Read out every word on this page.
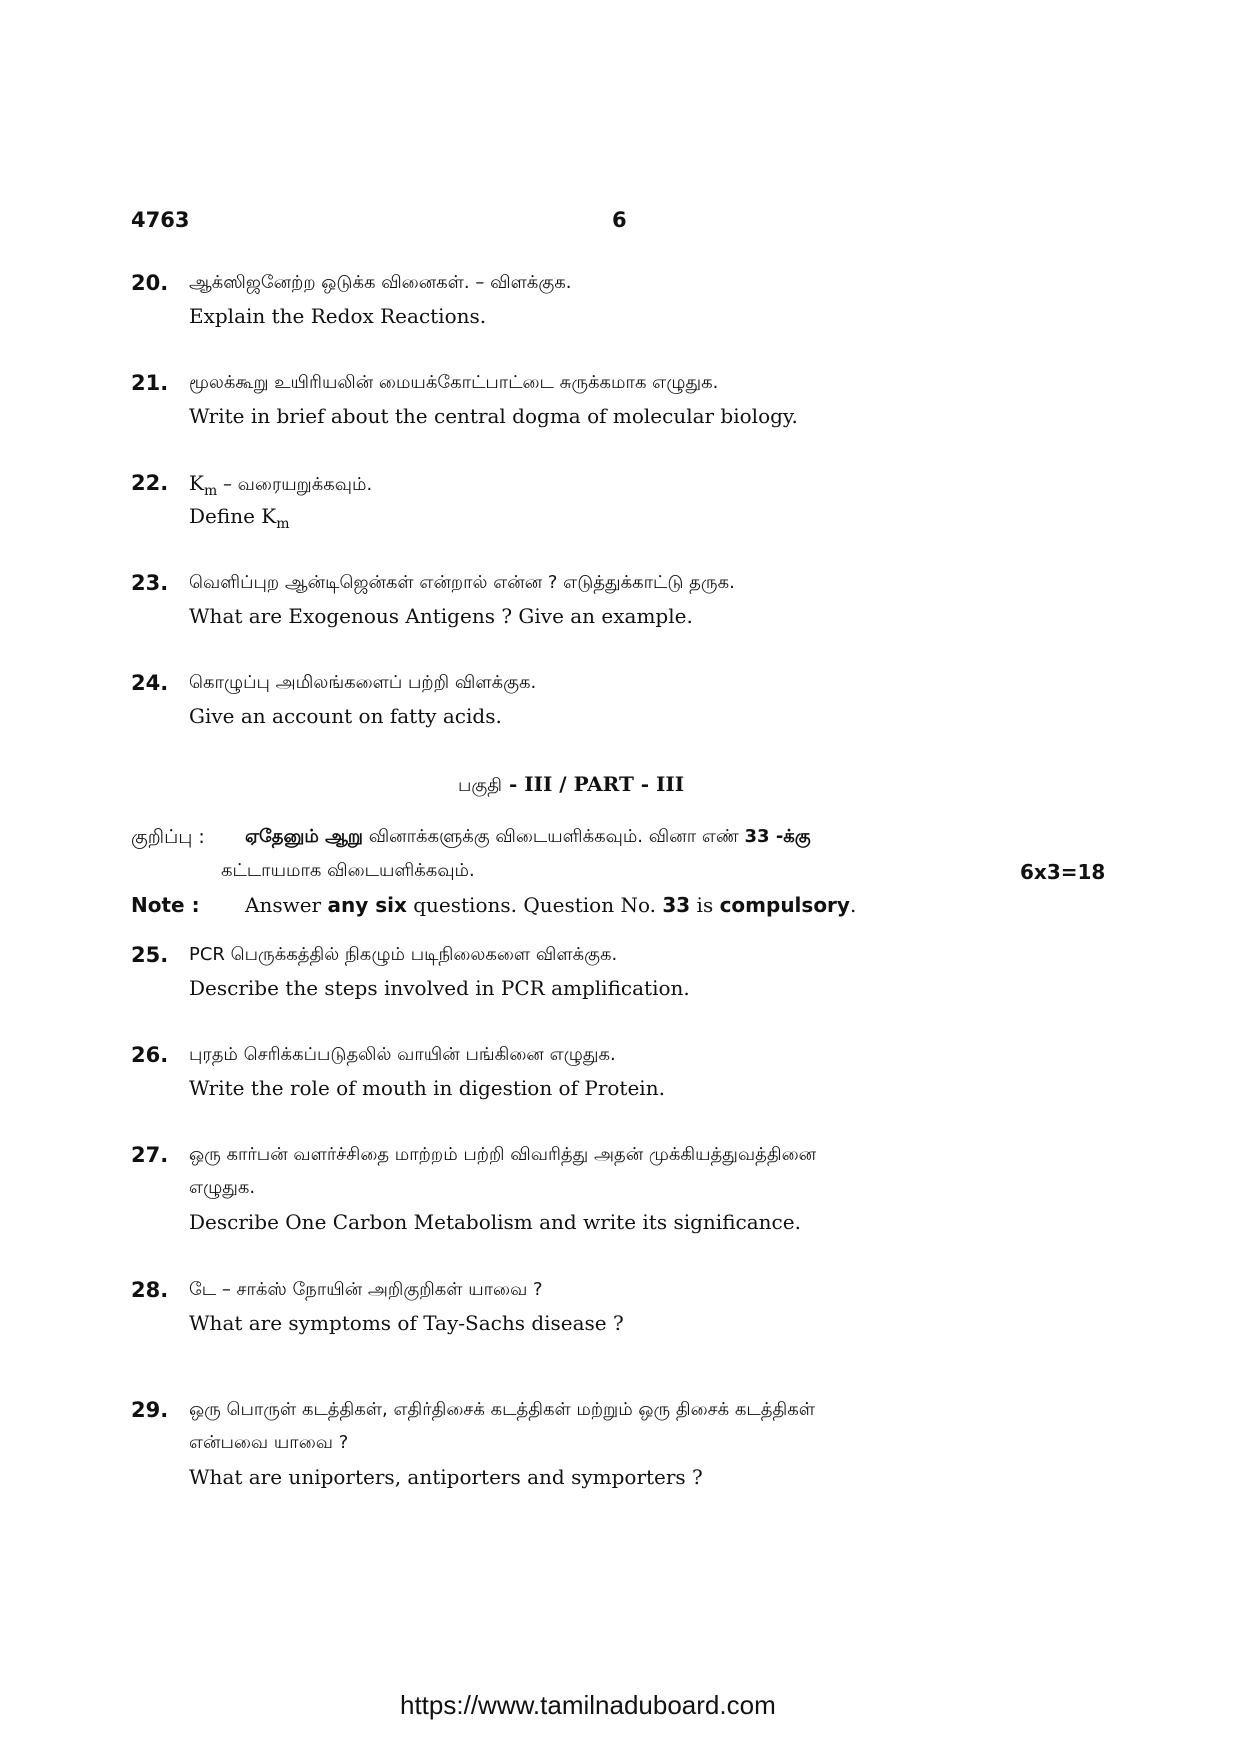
4763	6
20. ஆக்ஸிஜனேற்ற ஒடுக்க வினைகள். – விளக்குக.
Explain the Redox Reactions.
21. மூலக்கூறு உயிரியலின் மையக்கோட்பாட்டை சுருக்கமாக எழுதுக.
Write in brief about the central dogma of molecular biology.
22. $K_m$ – வரையறுக்கவும்.
Define $K_m$
23. வெளிப்புற ஆன்டிஜென்கள் என்றால் என்ன ? எடுத்துக்காட்டு தருக.
What are Exogenous Antigens ? Give an example.
24. கொழுப்பு அமிலங்களைப் பற்றி விளக்குக.
Give an account on fatty acids.
பகுதி - III / PART - III
குறிப்பு : ஏதேனும் ஆறு வினாக்களுக்கு விடையளிக்கவும். வினா எண் 33 -க்கு
கட்டாயமாக விடையளிக்கவும்.	6x3=18
Note : Answer any six questions. Question No. 33 is compulsory.
25. PCR பெருக்கத்தில் நிகழும் படிநிலைகளை விளக்குக.
Describe the steps involved in PCR amplification.
26. புரதம் செரிக்கப்படுதலில் வாயின் பங்கினை எழுதுக.
Write the role of mouth in digestion of Protein.
27. ஒரு கார்பன் வளர்ச்சிதை மாற்றம் பற்றி விவரித்து அதன் முக்கியத்துவத்தினை
எழுதுக.
Describe One Carbon Metabolism and write its significance.
28. டே – சாக்ஸ் நோயின் அறிகுறிகள் யாவை ?
What are symptoms of Tay-Sachs disease ?
29. ஒரு பொருள் கடத்திகள், எதிர்திசைக் கடத்திகள் மற்றும் ஒரு திசைக் கடத்திகள்
என்பவை யாவை ?
What are uniporters, antiporters and symporters ?
https://www.tamilnaduboard.com
